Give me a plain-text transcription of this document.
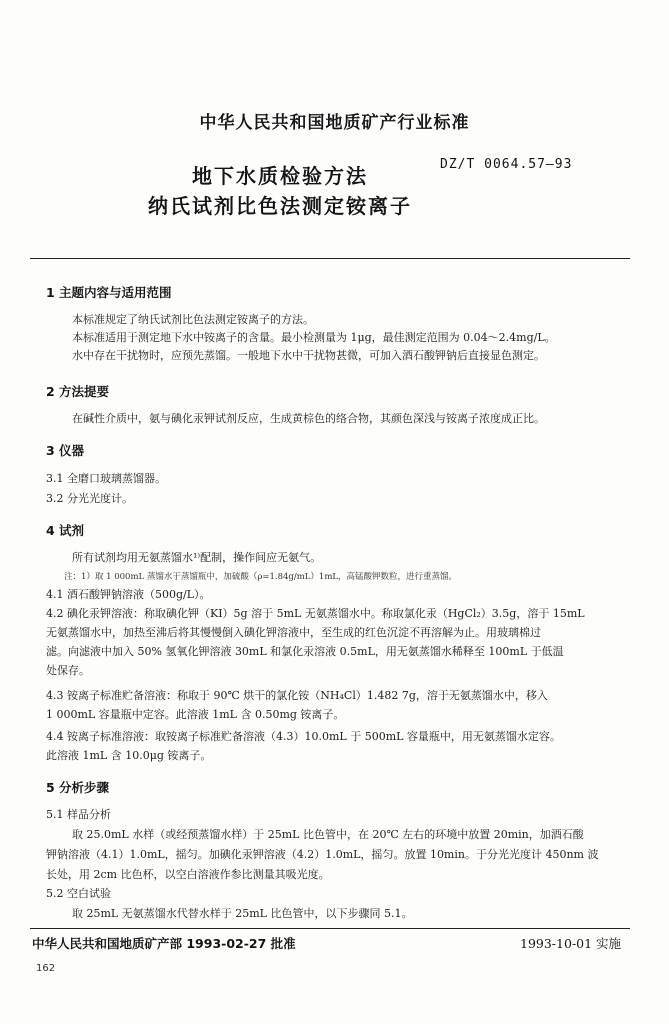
中华人民共和国地质矿产行业标准
DZ/T 0064.57—93
地下水质检验方法
纳氏试剂比色法测定铵离子
1 主题内容与适用范围
本标准规定了纳氏试剂比色法测定铵离子的方法。
本标准适用于测定地下水中铵离子的含量。最小检测量为 1μg，最佳测定范围为 0.04～2.4mg/L。
水中存在干扰物时，应预先蒸馏。一般地下水中干扰物甚微，可加入酒石酸钾钠后直接显色测定。
2 方法提要
在碱性介质中，氨与碘化汞钾试剂反应，生成黄棕色的络合物，其颜色深浅与铵离子浓度成正比。
3 仪器
3.1 全磨口玻璃蒸馏器。
3.2 分光光度计。
4 试剂
所有试剂均用无氨蒸馏水¹⁾配制，操作间应无氨气。
注：1）取 1 000mL 蒸馏水于蒸馏瓶中，加硫酸（ρ=1.84g/mL）1mL，高锰酸钾数粒，进行重蒸馏。
4.1 酒石酸钾钠溶液（500g/L）。
4.2 碘化汞钾溶液：称取碘化钾（KI）5g 溶于 5mL 无氨蒸馏水中。称取氯化汞（HgCl₂）3.5g，溶于 15mL
无氨蒸馏水中，加热至沸后将其慢慢倒入碘化钾溶液中，至生成的红色沉淀不再溶解为止。用玻璃棉过
滤。向滤液中加入 50% 氢氧化钾溶液 30mL 和氯化汞溶液 0.5mL，用无氨蒸馏水稀释至 100mL 于低温
处保存。
4.3 铵离子标准贮备溶液：称取于 90℃ 烘干的氯化铵（NH₄Cl）1.482 7g，溶于无氨蒸馏水中，移入
1 000mL 容量瓶中定容。此溶液 1mL 含 0.50mg 铵离子。
4.4 铵离子标准溶液：取铵离子标准贮备溶液（4.3）10.0mL 于 500mL 容量瓶中，用无氨蒸馏水定容。
此溶液 1mL 含 10.0μg 铵离子。
5 分析步骤
5.1 样品分析
取 25.0mL 水样（或经预蒸馏水样）于 25mL 比色管中，在 20℃ 左右的环境中放置 20min，加酒石酸
钾钠溶液（4.1）1.0mL，摇匀。加碘化汞钾溶液（4.2）1.0mL，摇匀。放置 10min。于分光光度计 450nm 波
长处，用 2cm 比色杯，以空白溶液作参比测量其吸光度。
5.2 空白试验
取 25mL 无氨蒸馏水代替水样于 25mL 比色管中，以下步骤同 5.1。
中华人民共和国地质矿产部 1993-02-27 批准	1993-10-01 实施
162
